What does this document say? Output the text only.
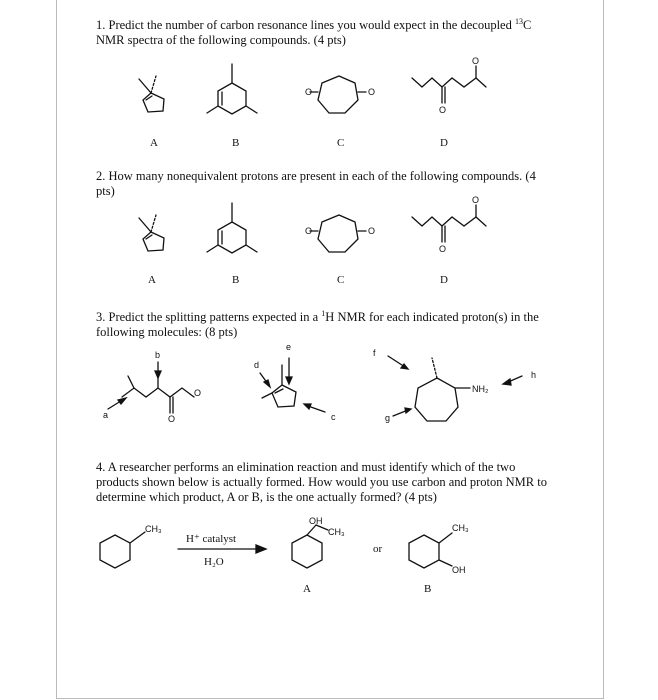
1. Predict the number of carbon resonance lines you would expect in the decoupled $^{13}$C NMR spectra of the following compounds. (4 pts)
2. How many nonequivalent protons are present in each of the following compounds. (4 pts)
3. Predict the splitting patterns expected in a $^1$H NMR for each indicated proton(s) in the following molecules: (8 pts)
4. A researcher performs an elimination reaction and must identify which of the two products shown below is actually formed. How would you use carbon and proton NMR to determine which product, A or B, is the one actually formed? (4 pts)
O	O
O
O
A	B	C	D
O	O
O
O
A	B	C	D
O
O
NH₂
a
b
c
d
e
f
g
h
CH₃
H⁺ catalyst
H₂O
OH
CH₃
or
CH₃
OH
A	B
